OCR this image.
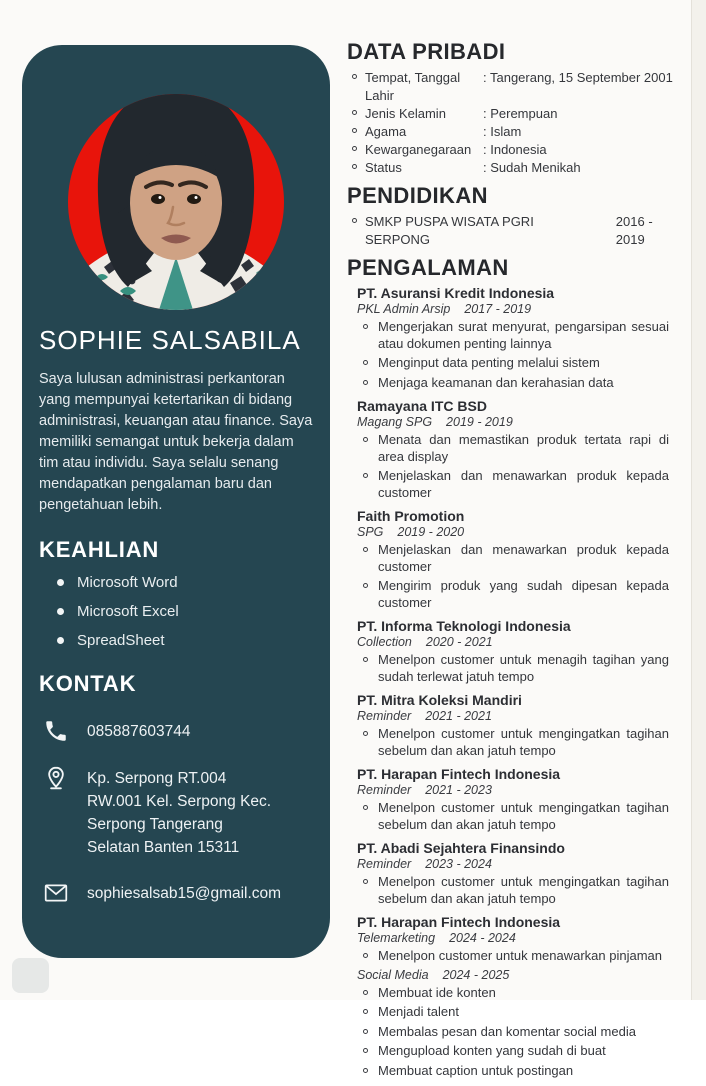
SOPHIE SALSABILA

Saya lulusan administrasi perkantoran yang mempunyai ketertarikan di bidang administrasi, keuangan atau finance. Saya memiliki semangat untuk bekerja dalam tim atau individu. Saya selalu senang mendapatkan pengalaman baru dan pengetahuan lebih.

KEAHLIAN
Microsoft Word
Microsoft Excel
SpreadSheet
KONTAK
085887603744
Kp. Serpong RT.004
RW.001 Kel. Serpong Kec.
Serpong Tangerang
Selatan Banten 15311
sophiesalsab15@gmail.com
DATA PRIBADI
Tempat, Tanggal Lahir
: Tangerang, 15 September 2001
Jenis Kelamin	: Perempuan
Agama	: Islam
Kewarganegaraan : Indonesia
Status	: Sudah Menikah
PENDIDIKAN
SMKP PUSPA WISATA PGRI SERPONG
2016 - 2019
PENGALAMAN
PT. Asuransi Kredit Indonesia
PKL Admin Arsip 2017 - 2019
Mengerjakan surat menyurat, pengarsipan sesuai atau dokumen penting lainnya
Menginput data penting melalui sistem
Menjaga keamanan dan kerahasian data
Ramayana ITC BSD
Magang SPG 2019 - 2019
Menata dan memastikan produk tertata rapi di area display
Menjelaskan dan menawarkan produk kepada customer
Faith Promotion
SPG 2019 - 2020
Menjelaskan dan menawarkan produk kepada customer
Mengirim produk yang sudah dipesan kepada customer
PT. Informa Teknologi Indonesia
Collection 2020 - 2021
Menelpon customer untuk menagih tagihan yang sudah terlewat jatuh tempo
PT. Mitra Koleksi Mandiri
Reminder 2021 - 2021
Menelpon customer untuk mengingatkan tagihan sebelum dan akan jatuh tempo
PT. Harapan Fintech Indonesia
Reminder 2021 - 2023
Menelpon customer untuk mengingatkan tagihan sebelum dan akan jatuh tempo
PT. Abadi Sejahtera Finansindo
Reminder 2023 - 2024
Menelpon customer untuk mengingatkan tagihan sebelum dan akan jatuh tempo
PT. Harapan Fintech Indonesia
Telemarketing 2024 - 2024
Menelpon customer untuk menawarkan pinjaman
Social Media 2024 - 2025
Membuat ide konten
Menjadi talent
Membalas pesan dan komentar social media
Mengupload konten yang sudah di buat
Membuat caption untuk postingan
